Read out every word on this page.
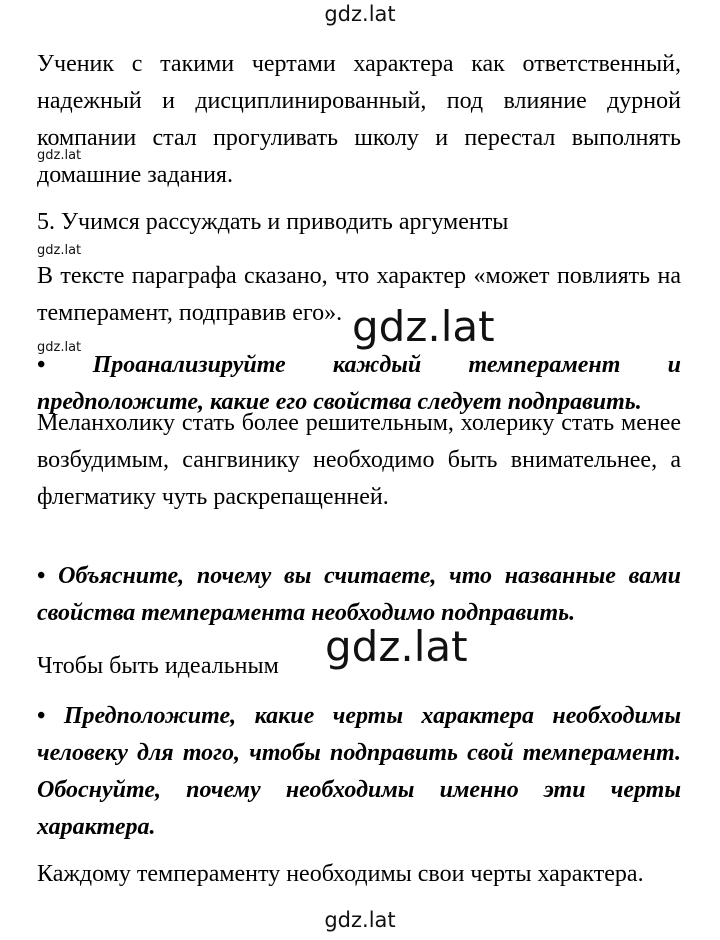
gdz.lat
gdz.lat
gdz.lat
gdz.lat	gdz.lat
gdz.lat
gdz.lat
Ученик с такими чертами характера как ответственный, надежный и дисциплинированный, под влияние дурной компании стал прогуливать школу и перестал выполнять домашние задания.
5. Учимся рассуждать и приводить аргументы
В тексте параграфа сказано, что характер «может повлиять на темперамент, подправив его».
• Проанализируйте каждый темперамент и предположите, какие его свойства следует подправить.
Меланхолику стать более решительным, холерику стать менее возбудимым, сангвинику необходимо быть внимательнее, а флегматику чуть раскрепащенней.
• Объясните, почему вы считаете, что названные вами свойства темперамента необходимо подправить.
Чтобы быть идеальным
• Предположите, какие черты характера необходимы человеку для того, чтобы подправить свой темперамент. Обоснуйте, почему необходимы именно эти черты характера.
Каждому темпераменту необходимы свои черты характера.
